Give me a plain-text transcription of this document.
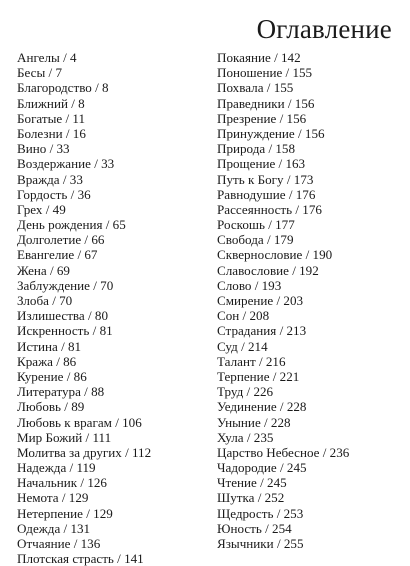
Оглавление
Ангелы / 4
Бесы / 7
Благородство / 8
Ближний / 8
Богатые / 11
Болезни / 16
Вино / 33
Воздержание / 33
Вражда / 33
Гордость / 36
Грех / 49
День рождения / 65
Долголетие / 66
Евангелие / 67
Жена / 69
Заблуждение / 70
Злоба / 70
Излишества / 80
Искренность / 81
Истина / 81
Кража / 86
Курение / 86
Литература / 88
Любовь / 89
Любовь к врагам / 106
Мир Божий / 111
Молитва за других / 112
Надежда / 119
Начальник / 126
Немота / 129
Нетерпение / 129
Одежда / 131
Отчаяние / 136
Плотская страсть / 141
Покаяние / 142
Поношение / 155
Похвала / 155
Праведники / 156
Презрение / 156
Принуждение / 156
Природа / 158
Прощение / 163
Путь к Богу / 173
Равнодушие / 176
Рассеянность / 176
Роскошь / 177
Свобода / 179
Сквернословие / 190
Славословие / 192
Слово / 193
Смирение / 203
Сон / 208
Страдания / 213
Суд / 214
Талант / 216
Терпение / 221
Труд / 226
Уединение / 228
Уныние / 228
Хула / 235
Царство Небесное / 236
Чадородие / 245
Чтение / 245
Шутка / 252
Щедрость / 253
Юность / 254
Язычники / 255
